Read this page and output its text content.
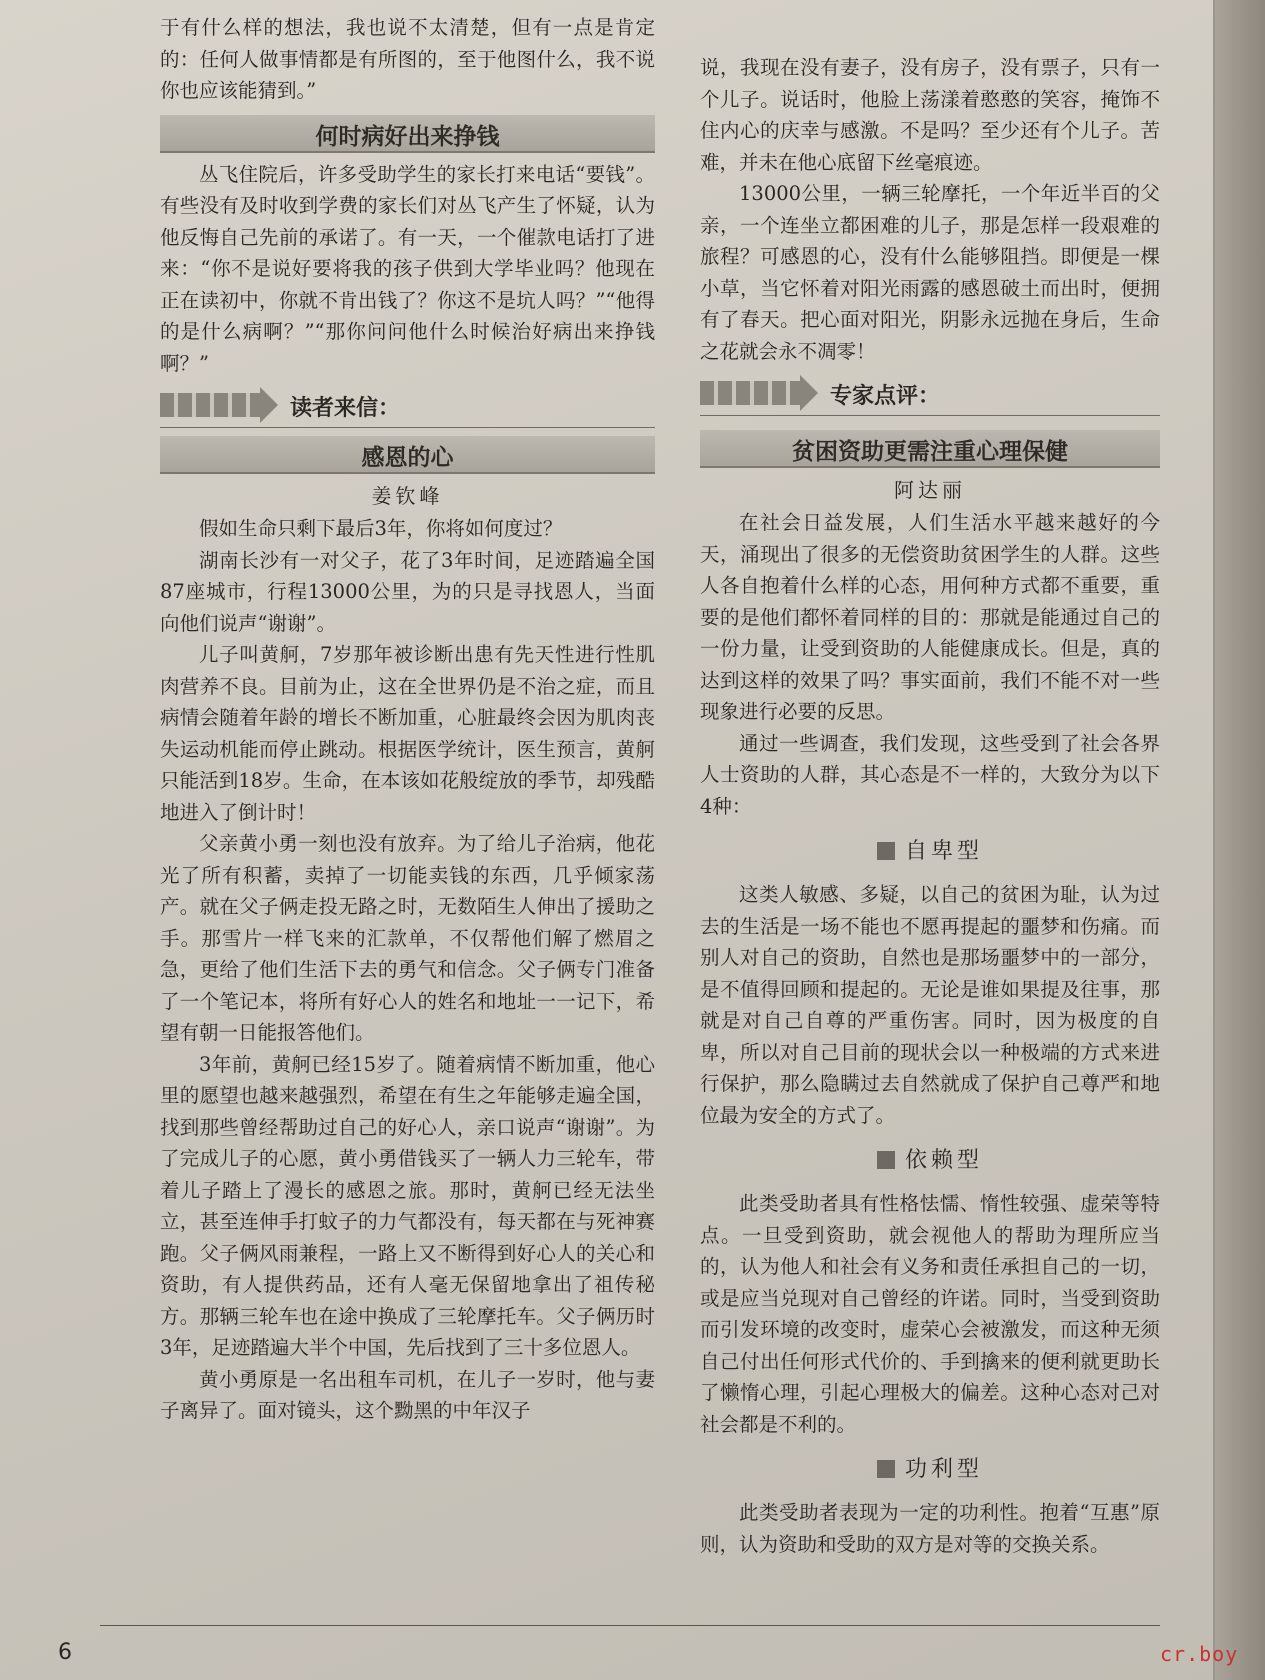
于有什么样的想法，我也说不太清楚，但有一点是肯定的：任何人做事情都是有所图的，至于他图什么，我不说你也应该能猜到。”

何时病好出来挣钱

丛飞住院后，许多受助学生的家长打来电话“要钱”。有些没有及时收到学费的家长们对丛飞产生了怀疑，认为他反悔自己先前的承诺了。有一天，一个催款电话打了进来：“你不是说好要将我的孩子供到大学毕业吗？他现在正在读初中，你就不肯出钱了？你这不是坑人吗？”“他得的是什么病啊？”“那你问问他什么时候治好病出来挣钱啊？”

读者来信：
感恩的心
姜钦峰

假如生命只剩下最后3年，你将如何度过？

湖南长沙有一对父子，花了3年时间，足迹踏遍全国87座城市，行程13000公里，为的只是寻找恩人，当面向他们说声“谢谢”。

儿子叫黄舸，7岁那年被诊断出患有先天性进行性肌肉营养不良。目前为止，这在全世界仍是不治之症，而且病情会随着年龄的增长不断加重，心脏最终会因为肌肉丧失运动机能而停止跳动。根据医学统计，医生预言，黄舸只能活到18岁。生命，在本该如花般绽放的季节，却残酷地进入了倒计时！

父亲黄小勇一刻也没有放弃。为了给儿子治病，他花光了所有积蓄，卖掉了一切能卖钱的东西，几乎倾家荡产。就在父子俩走投无路之时，无数陌生人伸出了援助之手。那雪片一样飞来的汇款单，不仅帮他们解了燃眉之急，更给了他们生活下去的勇气和信念。父子俩专门准备了一个笔记本，将所有好心人的姓名和地址一一记下，希望有朝一日能报答他们。

3年前，黄舸已经15岁了。随着病情不断加重，他心里的愿望也越来越强烈，希望在有生之年能够走遍全国，找到那些曾经帮助过自己的好心人，亲口说声“谢谢”。为了完成儿子的心愿，黄小勇借钱买了一辆人力三轮车，带着儿子踏上了漫长的感恩之旅。那时，黄舸已经无法坐立，甚至连伸手打蚊子的力气都没有，每天都在与死神赛跑。父子俩风雨兼程，一路上又不断得到好心人的关心和资助，有人提供药品，还有人毫无保留地拿出了祖传秘方。那辆三轮车也在途中换成了三轮摩托车。父子俩历时3年，足迹踏遍大半个中国，先后找到了三十多位恩人。

黄小勇原是一名出租车司机，在儿子一岁时，他与妻子离异了。面对镜头，这个黝黑的中年汉子

说，我现在没有妻子，没有房子，没有票子，只有一个儿子。说话时，他脸上荡漾着憨憨的笑容，掩饰不住内心的庆幸与感激。不是吗？至少还有个儿子。苦难，并未在他心底留下丝毫痕迹。

13000公里，一辆三轮摩托，一个年近半百的父亲，一个连坐立都困难的儿子，那是怎样一段艰难的旅程？可感恩的心，没有什么能够阻挡。即便是一棵小草，当它怀着对阳光雨露的感恩破土而出时，便拥有了春天。把心面对阳光，阴影永远抛在身后，生命之花就会永不凋零！

专家点评：
贫困资助更需注重心理保健
阿达丽

在社会日益发展，人们生活水平越来越好的今天，涌现出了很多的无偿资助贫困学生的人群。这些人各自抱着什么样的心态，用何种方式都不重要，重要的是他们都怀着同样的目的：那就是能通过自己的一份力量，让受到资助的人能健康成长。但是，真的达到这样的效果了吗？事实面前，我们不能不对一些现象进行必要的反思。

通过一些调查，我们发现，这些受到了社会各界人士资助的人群，其心态是不一样的，大致分为以下4种：

自卑型

这类人敏感、多疑，以自己的贫困为耻，认为过去的生活是一场不能也不愿再提起的噩梦和伤痛。而别人对自己的资助，自然也是那场噩梦中的一部分，是不值得回顾和提起的。无论是谁如果提及往事，那就是对自己自尊的严重伤害。同时，因为极度的自卑，所以对自己目前的现状会以一种极端的方式来进行保护，那么隐瞒过去自然就成了保护自己尊严和地位最为安全的方式了。

依赖型

此类受助者具有性格怯懦、惰性较强、虚荣等特点。一旦受到资助，就会视他人的帮助为理所应当的，认为他人和社会有义务和责任承担自己的一切，或是应当兑现对自己曾经的许诺。同时，当受到资助而引发环境的改变时，虚荣心会被激发，而这种无须自己付出任何形式代价的、手到擒来的便利就更助长了懒惰心理，引起心理极大的偏差。这种心态对己对社会都是不利的。

功利型

此类受助者表现为一定的功利性。抱着“互惠”原则，认为资助和受助的双方是对等的交换关系。

6	cr.boy
